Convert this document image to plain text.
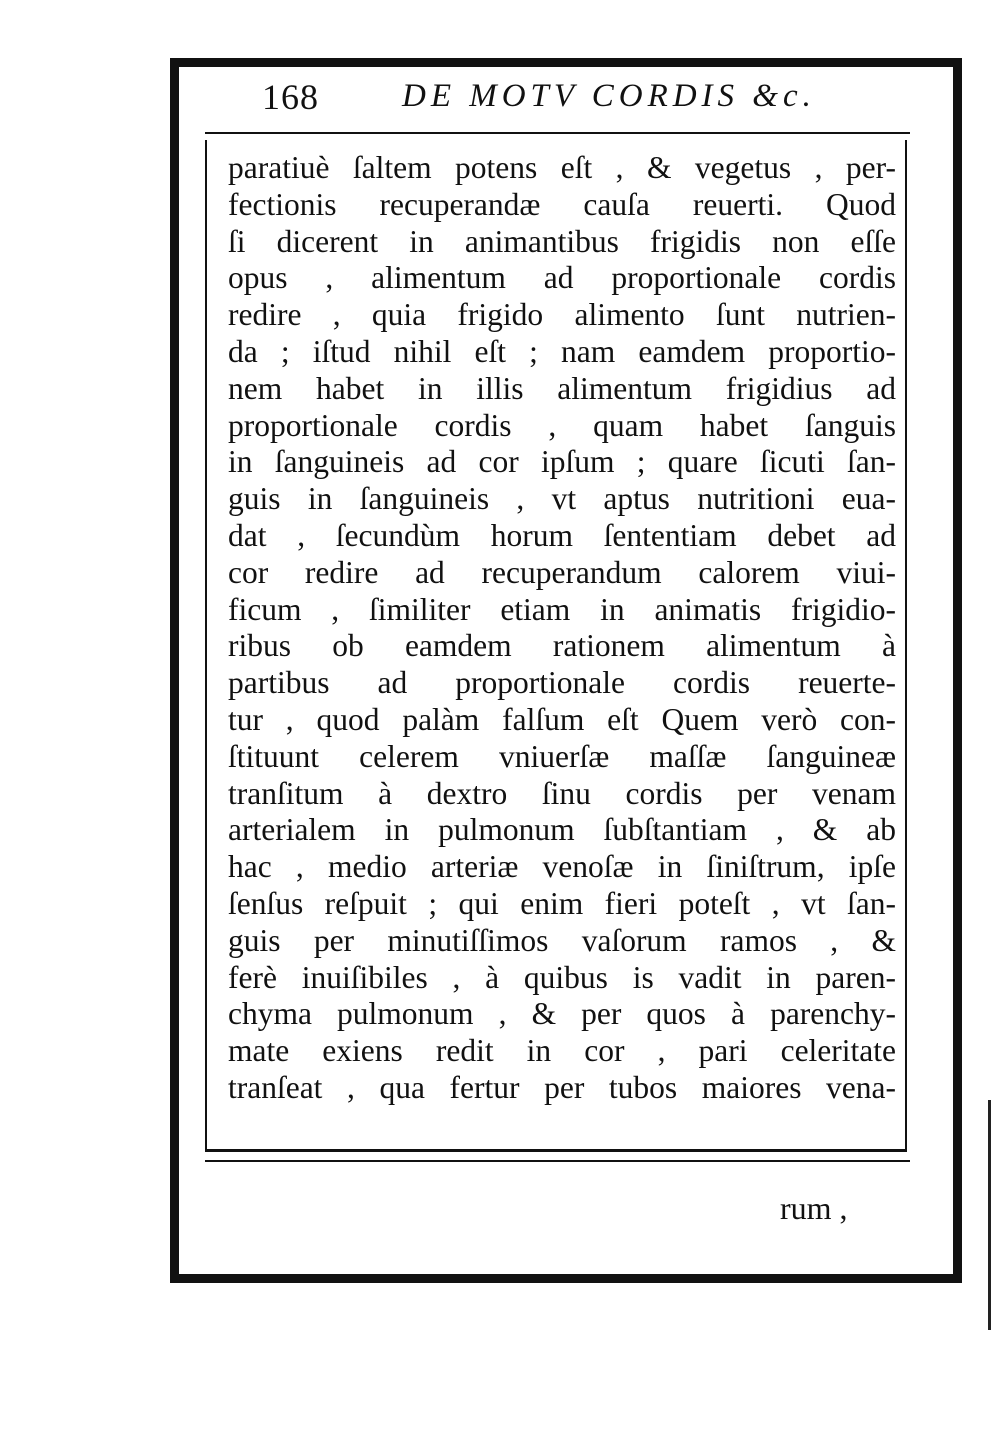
168	DE MOTV CORDIS &c.
paratiuè ſaltem potens eſt , & vegetus , per-
fectionis recuperandæ cauſa reuerti. Quod
ſi dicerent in animantibus frigidis non eſſe
opus , alimentum ad proportionale cordis
redire , quia frigido alimento ſunt nutrien-
da ; iſtud nihil eſt ; nam eamdem proportio-
nem habet in illis alimentum frigidius ad
proportionale cordis , quam habet ſanguis
in ſanguineis ad cor ipſum ; quare ſicuti ſan-
guis in ſanguineis , vt aptus nutritioni eua-
dat , ſecundùm horum ſententiam debet ad
cor redire ad recuperandum calorem viui-
ficum , ſimiliter etiam in animatis frigidio-
ribus ob eamdem rationem alimentum à
partibus ad proportionale cordis reuerte-
tur , quod palàm falſum eſt Quem verò con-
ſtituunt celerem vniuerſæ maſſæ ſanguineæ
tranſitum à dextro ſinu cordis per venam
arterialem in pulmonum ſubſtantiam , & ab
hac , medio arteriæ venoſæ in ſiniſtrum, ipſe
ſenſus reſpuit ; qui enim fieri poteſt , vt ſan-
guis per minutiſſimos vaſorum ramos , &
ferè inuiſibiles , à quibus is vadit in paren-
chyma pulmonum , & per quos à parenchy-
mate exiens redit in cor , pari celeritate
tranſeat , qua fertur per tubos maiores vena-
rum ,
